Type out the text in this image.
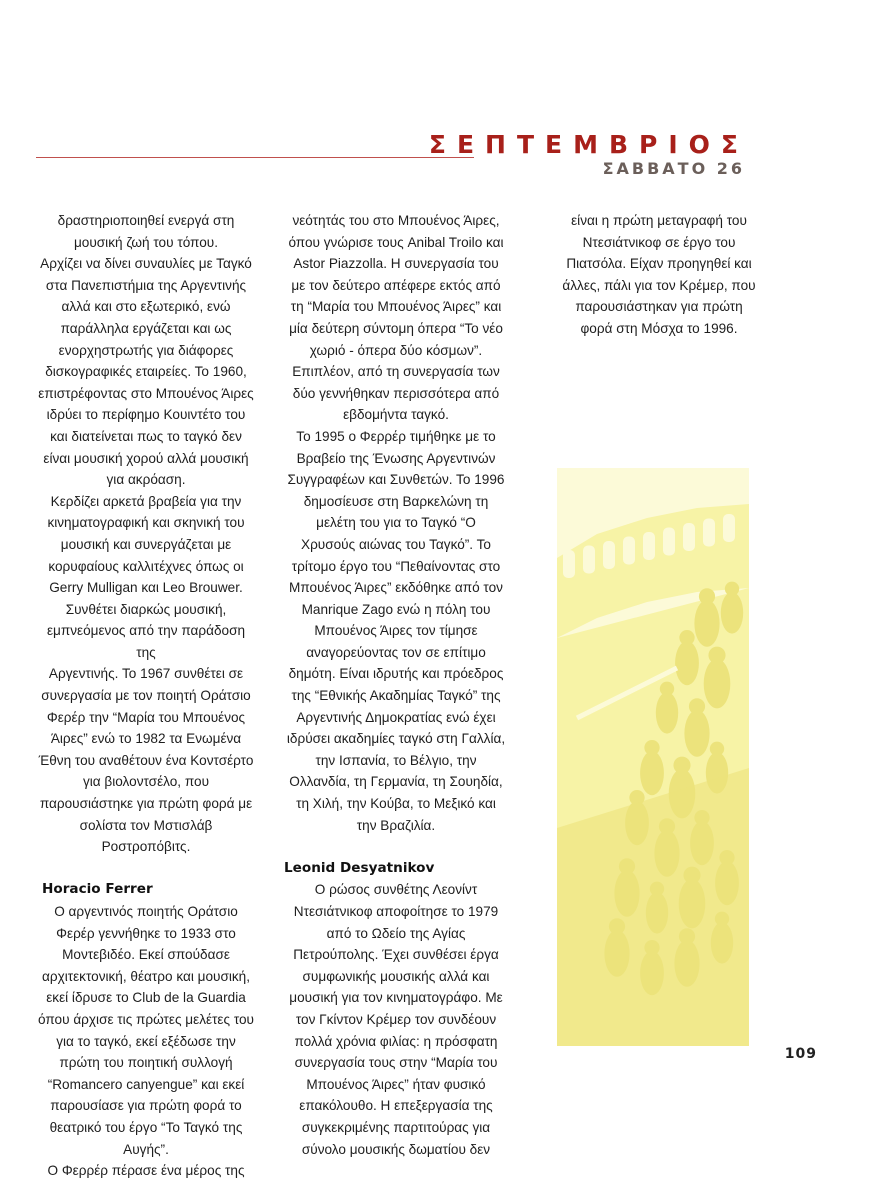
ΣΕΠΤΕΜΒΡΙΟΣ
ΣΑΒΒΑΤΟ 26

δραστηριοποιηθεί ενεργά στη

μουσική ζωή του τόπου.

Αρχίζει να δίνει συναυλίες με Ταγκό

στα Πανεπιστήμια της Αργεντινής

αλλά και στο εξωτερικό, ενώ

παράλληλα εργάζεται και ως

ενορχηστρωτής για διάφορες

δισκογραφικές εταιρείες. Το 1960,

επιστρέφοντας στο Μπουένος Άιρες

ιδρύει το περίφημο Κουιντέτο του

και διατείνεται πως το ταγκό δεν

είναι μουσική χορού αλλά μουσική

για ακρόαση.

Κερδίζει αρκετά βραβεία για την

κινηματογραφική και σκηνική του

μουσική και συνεργάζεται με

κορυφαίους καλλιτέχνες όπως οι

Gerry Mulligan και Leo Brouwer.

Συνθέτει διαρκώς μουσική,

εμπνεόμενος από την παράδοση της

Αργεντινής. Το 1967 συνθέτει σε

συνεργασία με τον ποιητή Οράτσιο

Φερέρ την “Μαρία του Μπουένος

Άιρες” ενώ το 1982 τα Ενωμένα

Έθνη του αναθέτουν ένα Κοντσέρτο

για βιολοντσέλο, που

παρουσιάστηκε για πρώτη φορά με

σολίστα τον Μστισλάβ

Ροστροπόβιτς.

Horacio Ferrer

Ο αργεντινός ποιητής Οράτσιο

Φερέρ γεννήθηκε το 1933 στο

Μοντεβιδέο. Εκεί σπούδασε

αρχιτεκτονική, θέατρο και μουσική,

εκεί ίδρυσε το Club de la Guardia

όπου άρχισε τις πρώτες μελέτες του

για το ταγκό, εκεί εξέδωσε την

πρώτη του ποιητική συλλογή

“Romancero canyengue” και εκεί

παρουσίασε για πρώτη φορά το

θεατρικό του έργο “Το Ταγκό της

Αυγής”.

Ο Φερρέρ πέρασε ένα μέρος της

νεότητάς του στο Μπουένος Άιρες,

όπου γνώρισε τους Anibal Troilo και

Astor Piazzolla. Η συνεργασία του

με τον δεύτερο απέφερε εκτός από

τη “Μαρία του Μπουένος Άιρες” και

μία δεύτερη σύντομη όπερα “Το νέο

χωριό - όπερα δύο κόσμων”.

Επιπλέον, από τη συνεργασία των

δύο γεννήθηκαν περισσότερα από

εβδομήντα ταγκό.

Το 1995 ο Φερρέρ τιμήθηκε με το

Βραβείο της Ένωσης Αργεντινών

Συγγραφέων και Συνθετών. Το 1996

δημοσίευσε στη Βαρκελώνη τη

μελέτη του για το Ταγκό “Ο

Χρυσούς αιώνας του Ταγκό”. Το

τρίτομο έργο του “Πεθαίνοντας στο

Μπουένος Άιρες” εκδόθηκε από τον

Manrique Zago ενώ η πόλη του

Μπουένος Άιρες τον τίμησε

αναγορεύοντας τον σε επίτιμο

δημότη. Είναι ιδρυτής και πρόεδρος

της “Εθνικής Ακαδημίας Ταγκό” της

Αργεντινής Δημοκρατίας ενώ έχει

ιδρύσει ακαδημίες ταγκό στη Γαλλία,

την Ισπανία, το Βέλγιο, την

Ολλανδία, τη Γερμανία, τη Σουηδία,

τη Χιλή, την Κούβα, το Μεξικό και

την Βραζιλία.

Leonid Desyatnikov

Ο ρώσος συνθέτης Λεονίντ

Ντεσιάτνικοφ αποφοίτησε το 1979

από το Ωδείο της Αγίας

Πετρούπολης. Έχει συνθέσει έργα

συμφωνικής μουσικής αλλά και

μουσική για τον κινηματογράφο. Με

τον Γκίντον Κρέμερ τον συνδέουν

πολλά χρόνια φιλίας: η πρόσφατη

συνεργασία τους στην “Μαρία του

Μπουένος Άιρες” ήταν φυσικό

επακόλουθο. Η επεξεργασία της

συγκεκριμένης παρτιτούρας για

σύνολο μουσικής δωματίου δεν

είναι η πρώτη μεταγραφή του

Ντεσιάτνικοφ σε έργο του

Πιατσόλα. Είχαν προηγηθεί και

άλλες, πάλι για τον Κρέμερ, που

παρουσιάστηκαν για πρώτη

φορά στη Μόσχα το 1996.

109
